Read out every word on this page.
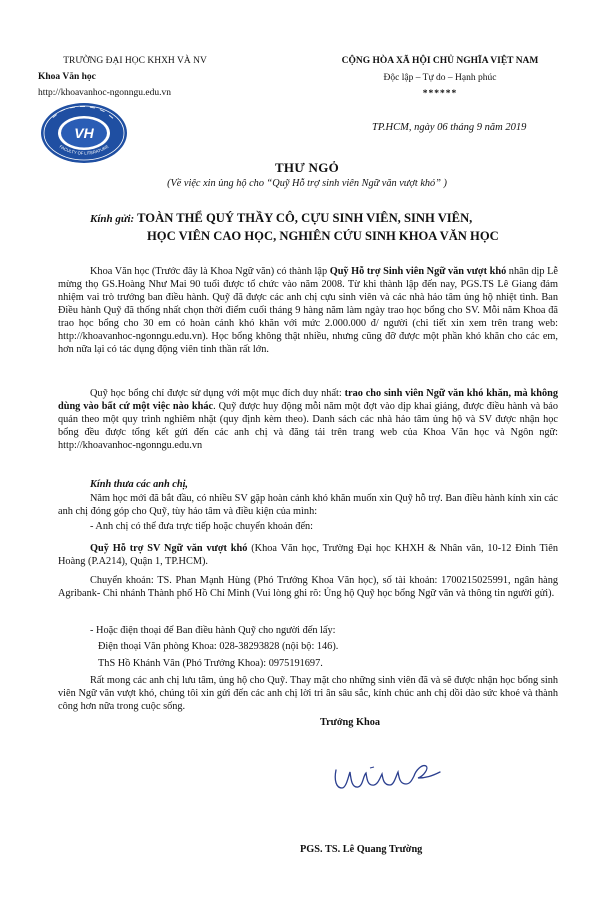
TRƯỜNG ĐẠI HỌC KHXH VÀ NV
Khoa Văn học
http://khoavanhoc-ngonngu.edu.vn
CỘNG HÒA XÃ HỘI CHỦ NGHĨA VIỆT NAM
Độc lập – Tự do – Hạnh phúc
******
VH
FACULTY OF LITERATURE
TP.HCM, ngày 06 tháng 9 năm 2019
THƯ NGỎ
(Về việc xin ủng hộ cho “Quỹ Hỗ trợ sinh viên Ngữ văn vượt khó” )
Kính gửi: TOÀN THỂ QUÝ THẦY CÔ, CỰU SINH VIÊN, SINH VIÊN,
HỌC VIÊN CAO HỌC, NGHIÊN CỨU SINH KHOA VĂN HỌC
Khoa Văn học (Trước đây là Khoa Ngữ văn) có thành lập Quỹ Hỗ trợ Sinh viên Ngữ văn vượt khó nhân dịp Lễ mừng thọ GS.Hoàng Như Mai 90 tuổi được tổ chức vào năm 2008. Từ khi thành lập đến nay, PGS.TS Lê Giang đảm nhiệm vai trò trưởng ban điều hành. Quỹ đã được các anh chị cựu sinh viên và các nhà hảo tâm ủng hộ nhiệt tình. Ban Điều hành Quỹ đã thống nhất chọn thời điểm cuối tháng 9 hàng năm làm ngày trao học bổng cho SV. Mỗi năm Khoa đã trao học bổng cho 30 em có hoàn cảnh khó khăn với mức 2.000.000 đ/ người (chi tiết xin xem trên trang web: http://khoavanhoc-ngonngu.edu.vn). Học bổng không thật nhiều, nhưng cũng đỡ được một phần khó khăn cho các em, hơn nữa lại có tác dụng động viên tinh thần rất lớn.
Quỹ học bổng chỉ được sử dụng với một mục đích duy nhất: trao cho sinh viên Ngữ văn khó khăn, mà không dùng vào bất cứ một việc nào khác. Quỹ được huy động mỗi năm một đợt vào dịp khai giảng, được điều hành và bảo quản theo một quy trình nghiêm nhặt (quy định kèm theo). Danh sách các nhà hảo tâm ủng hộ và SV được nhận học bổng đều được tổng kết gửi đến các anh chị và đăng tải trên trang web của Khoa Văn học và Ngôn ngữ: http://khoavanhoc-ngonngu.edu.vn
Kính thưa các anh chị,
Năm học mới đã bắt đầu, có nhiều SV gặp hoàn cảnh khó khăn muốn xin Quỹ hỗ trợ. Ban điều hành kính xin các anh chị đóng góp cho Quỹ, tùy hảo tâm và điều kiện của mình:
- Anh chị có thể đưa trực tiếp hoặc chuyển khoản đến:
Quỹ Hỗ trợ SV Ngữ văn vượt khó (Khoa Văn học, Trường Đại học KHXH & Nhân văn, 10-12 Đinh Tiên Hoàng (P.A214), Quận 1, TP.HCM).
Chuyển khoản: TS. Phan Mạnh Hùng (Phó Trưởng Khoa Văn học), số tài khoản: 1700215025991, ngân hàng Agribank- Chi nhánh Thành phố Hồ Chí Minh (Vui lòng ghi rõ: Ủng hộ Quỹ học bổng Ngữ văn và thông tin người gửi).
- Hoặc điện thoại để Ban điều hành Quỹ cho người đến lấy:
Điện thoại Văn phòng Khoa: 028-38293828 (nội bộ: 146).
ThS Hồ Khánh Vân (Phó Trưởng Khoa): 0975191697.
Rất mong các anh chị lưu tâm, ủng hộ cho Quỹ. Thay mặt cho những sinh viên đã và sẽ được nhận học bổng sinh viên Ngữ văn vượt khó, chúng tôi xin gửi đến các anh chị lời tri ân sâu sắc, kính chúc anh chị dồi dào sức khoẻ và thành công hơn nữa trong cuộc sống.
Trưởng Khoa
PGS. TS. Lê Quang Trường
